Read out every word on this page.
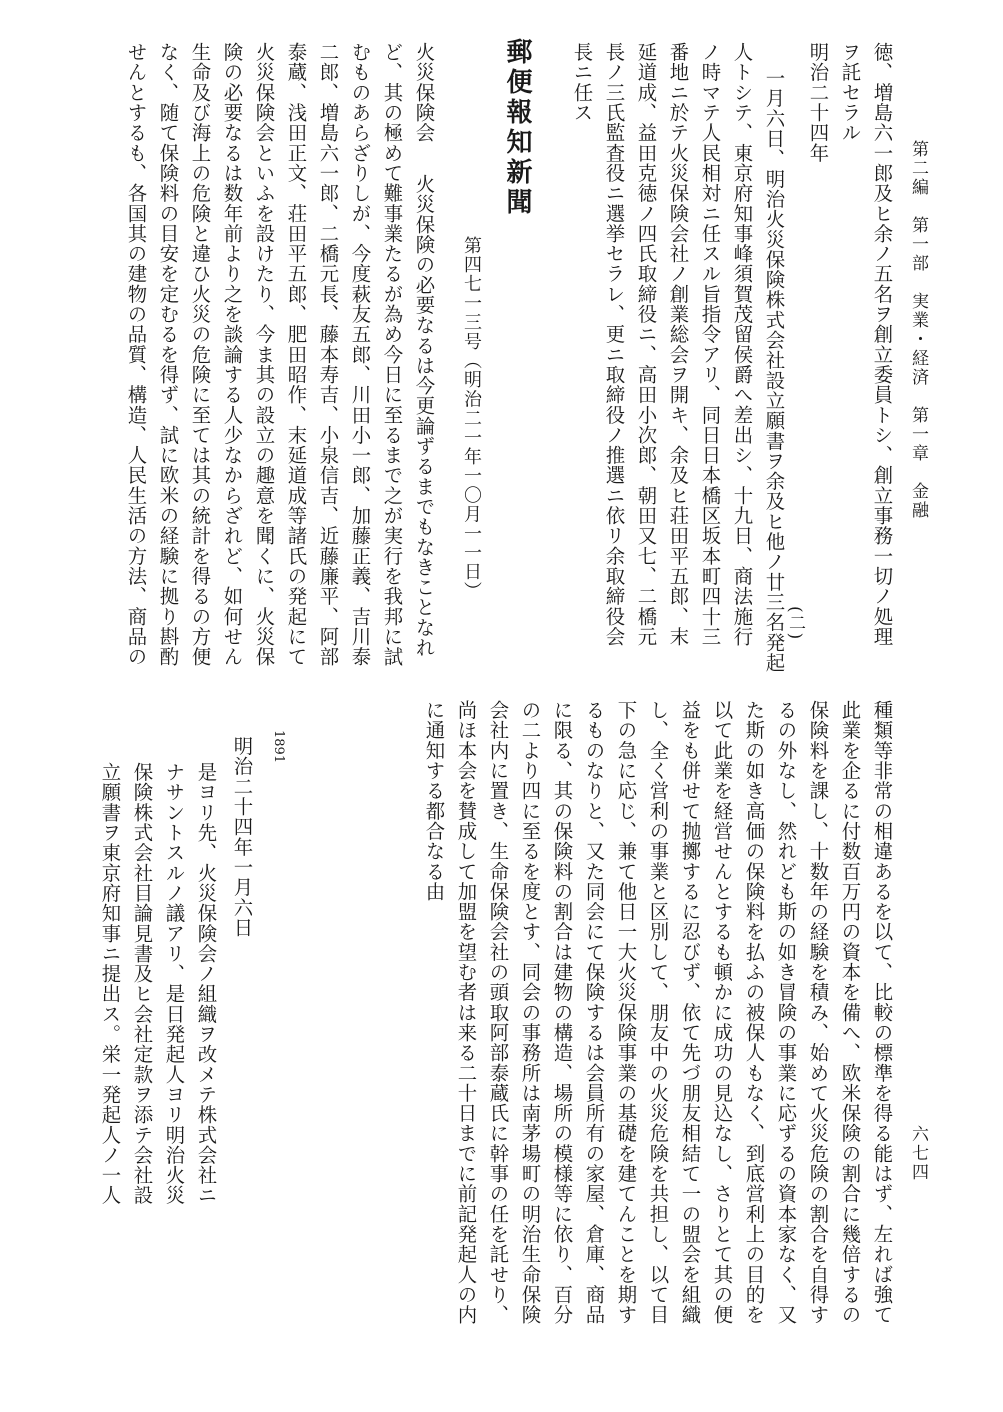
第二編　第一部　実業・経済　第一章　金融
六七四
徳、増島六一郎及ヒ余ノ五名ヲ創立委員トシ、創立事務一切ノ処理
ヲ託セラル
明治二十四年
一月六日、明治火災保険株式会社設立願書ヲ余及ヒ他ノ廿三名発起 (二)
人トシテ、東京府知事峰須賀茂留侯爵へ差出シ、十九日、商法施行
ノ時マテ人民相対ニ任スル旨指令アリ、同日日本橋区坂本町四十三
番地ニ於テ火災保険会社ノ創業総会ヲ開キ、余及ヒ荘田平五郎、末
延道成、益田克徳ノ四氏取締役ニ、高田小次郎、朝田又七、二橋元
長ノ三氏監査役ニ選挙セラレ、更ニ取締役ノ推選ニ依リ余取締役会
長ニ任ス
郵便報知新聞
第四七一三号（明治二一年一〇月一一日）
火災保険会
火災保険の必要なるは今更論ずるまでもなきことなれ
ど、其の極めて難事業たるが為め今日に至るまで之が実行を我邦に試
むものあらざりしが、今度萩友五郎、川田小一郎、加藤正義、吉川泰
二郎、増島六一郎、二橋元長、藤本寿吉、小泉信吉、近藤廉平、阿部
泰蔵、浅田正文、荘田平五郎、肥田昭作、末延道成等諸氏の発起にて
火災保険会といふを設けたり、今ま其の設立の趣意を聞くに、火災保
険の必要なるは数年前より之を談論する人少なからざれど、如何せん
生命及び海上の危険と違ひ火災の危険に至ては其の統計を得るの方便
なく、随て保険料の目安を定むるを得ず、試に欧米の経験に拠り斟酌
せんとするも、各国其の建物の品質、構造、人民生活の方法、商品の
種類等非常の相違あるを以て、比較の標準を得る能はず、左れば強て
此業を企るに付数百万円の資本を備へ、欧米保険の割合に幾倍するの
保険料を課し、十数年の経験を積み、始めて火災危険の割合を自得す
るの外なし、然れども斯の如き冒険の事業に応ずるの資本家なく、又
た斯の如き高価の保険料を払ふの被保人もなく、到底営利上の目的を
以て此業を経営せんとするも頓かに成功の見込なし、さりとて其の便
益をも併せて抛擲するに忍びず、依て先づ朋友相結て一の盟会を組織
し、全く営利の事業と区別して、朋友中の火災危険を共担し、以て目
下の急に応じ、兼て他日一大火災保険事業の基礎を建てんことを期す
るものなりと、又た同会にて保険するは会員所有の家屋、倉庫、商品
に限る、其の保険料の割合は建物の構造、場所の模様等に依り、百分
の二より四に至るを度とす、同会の事務所は南茅場町の明治生命保険
会社内に置き、生命保険会社の頭取阿部泰蔵氏に幹事の任を託せり、
尚ほ本会を賛成して加盟を望む者は来る二十日までに前記発起人の内
に通知する都合なる由
1891
明治二十四年一月六日
是ヨリ先、火災保険会ノ組織ヲ改メテ株式会社ニ
ナサントスルノ議アリ、是日発起人ヨリ明治火災
保険株式会社目論見書及ヒ会社定款ヲ添テ会社設
立願書ヲ東京府知事ニ提出ス。栄一発起人ノ一人
